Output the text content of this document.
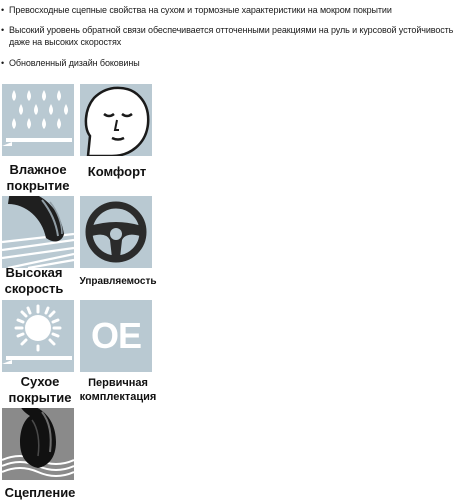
• Превосходные сцепные свойства на сухом и тормозные характеристики на мокром покрытии
• Высокий уровень обратной связи обеспечивается отточенными реакциями на руль и курсовой устойчивость даже на высоких скоростях
• Обновленный дизайн боковины
Влажное
покрытие
Комфорт
Высокая
скорость	Управляемость
Сухое
покрытие
OE
Первичная
комплектация
Сцепление
